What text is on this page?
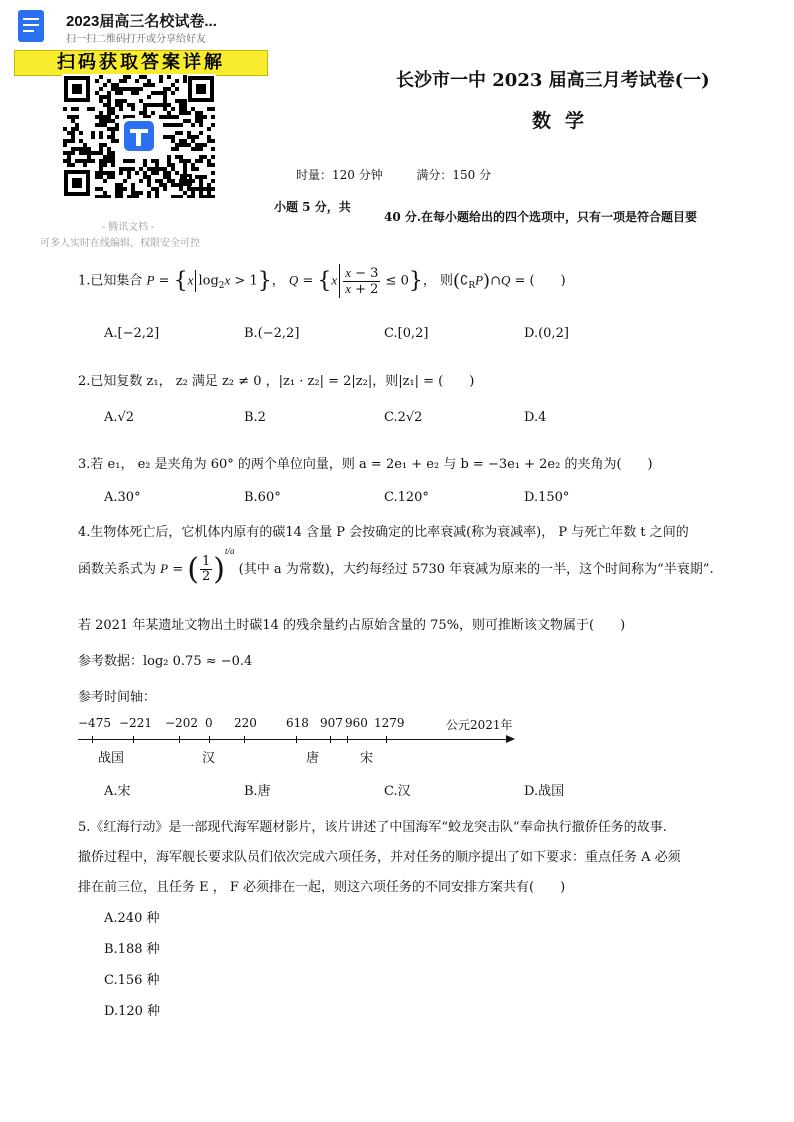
2023届高三名校试卷...
扫一扫二维码打开或分享给好友
扫码获取答案详解
- 腾讯文档 -
可多人实时在线编辑，权限安全可控
长沙市一中 2023 届高三月考试卷(一)
数学
时量：120 分钟	满分：150 分
小题 5 分，共
40 分.在每小题给出的四个选项中，只有一项是符合题目要
1.已知集合 P = {x $\log_2x > 1$}， $Q = \{x \frac{x - 3}{x + 2} \le 0\}$， 则$(∁_RP)\cap Q$ = (　　)
A.[−2,2]	B.(−2,2]	C.[0,2]	D.(0,2]
2.已知复数 z₁， z₂ 满足 z₂ ≠ 0 ，|z₁ · z₂| = 2|z₂|，则|z₁| = (　　)
A.√2	B.2	C.2√2	D.4
3.若 e₁， e₂ 是夹角为 60° 的两个单位向量，则 a = 2e₁ + e₂ 与 b = −3e₁ + 2e₂ 的夹角为(　　)
A.30°	B.60°	C.120°	D.150°
4.生物体死亡后，它机体内原有的碳14 含量 P 会按确定的比率衰减(称为衰减率)， P 与死亡年数 t 之间的
函数关系式为 P = ( $\frac{1}{2} )^{t/a}$ (其中 a 为常数)，大约每经过 5730 年衰减为原来的一半，这个时间称为“半衰期”.
若 2021 年某遗址文物出土时碳14 的残余量约占原始含量的 75%，则可推断该文物属于(　　)
参考数据：log₂ 0.75 ≈ −0.4
参考时间轴：
−475 −221 −202 0 220 618 907 960 1279	公元2021年
战国	汉	唐	宋
A.宋	B.唐	C.汉	D.战国
5.《红海行动》是一部现代海军题材影片，该片讲述了中国海军“蛟龙突击队”奉命执行撤侨任务的故事.
撤侨过程中，海军舰长要求队员们依次完成六项任务，并对任务的顺序提出了如下要求：重点任务 A 必须
排在前三位，且任务 E ， F 必须排在一起，则这六项任务的不同安排方案共有(　　)
A.240 种
B.188 种
C.156 种
D.120 种
